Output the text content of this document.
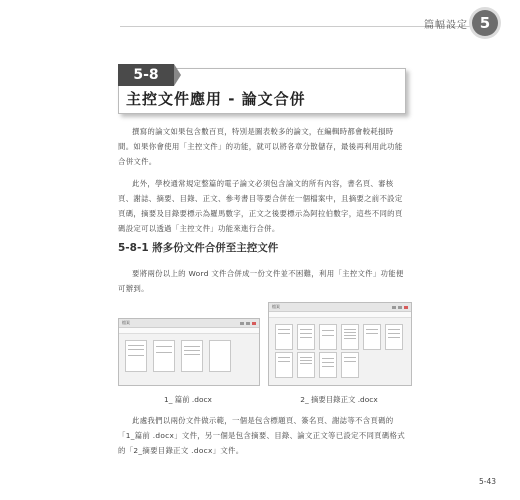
篇幅設定 5
5-8
主控文件應用 - 論文合併
撰寫的論文如果包含數百頁，特別是圖表較多的論文，在編輯時都會較耗損時間。如果你會使用「主控文件」的功能，就可以將各章分散儲存，最後再利用此功能合併文件。
此外，學校通常規定整篇的電子論文必須包含論文的所有內容，書名頁、審核頁、謝誌、摘要、目錄、正文、參考書目等要合併在一個檔案中，且摘要之前不設定頁碼，摘要及目錄要標示為羅馬數字，正文之後要標示為阿拉伯數字，這些不同的頁碼設定可以透過「主控文件」功能來進行合併。
5-8-1 將多份文件合併至主控文件
要將兩份以上的 Word 文件合併成一份文件並不困難，利用「主控文件」功能便可辦到。
檔案
1_ 篇前 .docx
檔案
2_ 摘要目錄正文 .docx
此處我們以兩份文件做示範，一個是包含標題頁、簽名頁、謝誌等不含頁碼的「1_篇前 .docx」文件，另一個是包含摘要、目錄、論文正文等已設定不同頁碼格式的「2_摘要目錄正文 .docx」文件。
5-43
